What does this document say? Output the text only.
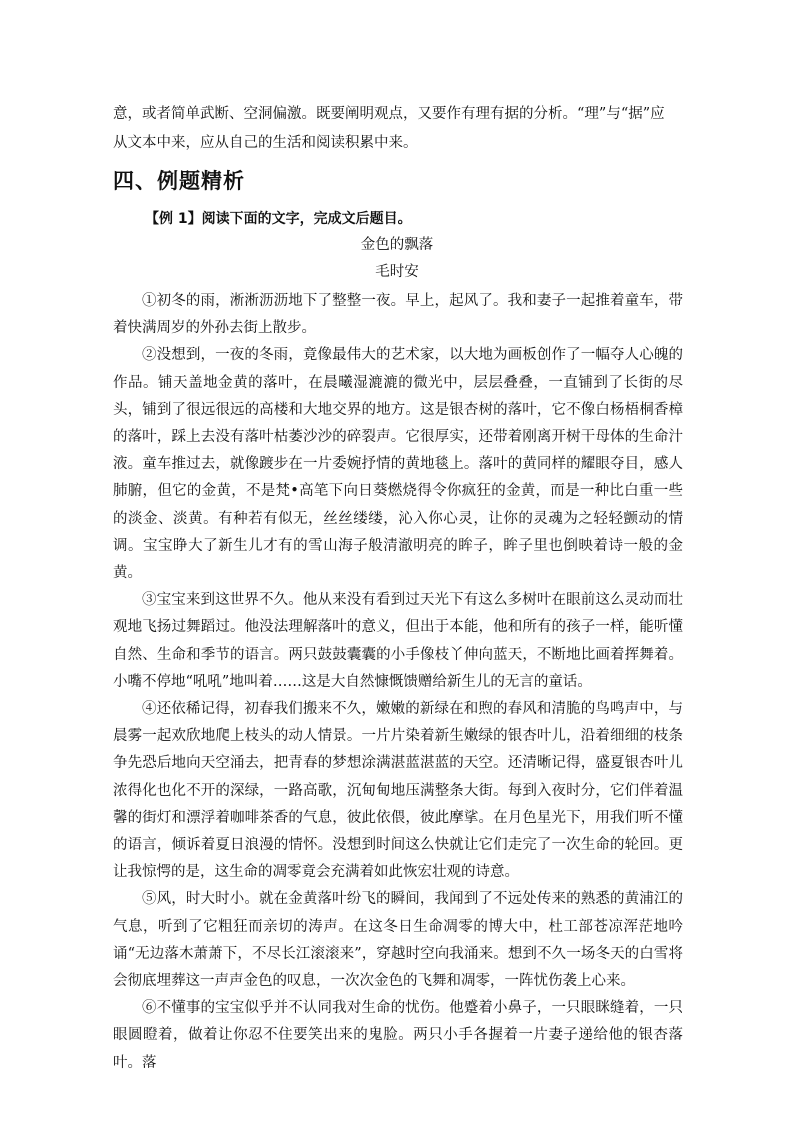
意，或者简单武断、空洞偏激。既要阐明观点，又要作有理有据的分析。“理”与“据”应
从文本中来，应从自己的生活和阅读积累中来。
四、例题精析
【例 1】阅读下面的文字，完成文后题目。
金色的飘落
毛时安

①初冬的雨，淅淅沥沥地下了整整一夜。早上，起风了。我和妻子一起推着童车，带着快满周岁的外孙去街上散步。

②没想到，一夜的冬雨，竟像最伟大的艺术家，以大地为画板创作了一幅夺人心魄的作品。铺天盖地金黄的落叶，在晨曦湿漉漉的微光中，层层叠叠，一直铺到了长街的尽头，铺到了很远很远的高楼和大地交界的地方。这是银杏树的落叶，它不像白杨梧桐香樟的落叶，踩上去没有落叶枯萎沙沙的碎裂声。它很厚实，还带着刚离开树干母体的生命汁液。童车推过去，就像踱步在一片委婉抒情的黄地毯上。落叶的黄同样的耀眼夺目，感人肺腑，但它的金黄，不是梵•高笔下向日葵燃烧得令你疯狂的金黄，而是一种比白重一些的淡金、淡黄。有种若有似无，丝丝缕缕，沁入你心灵，让你的灵魂为之轻轻颤动的情调。宝宝睁大了新生儿才有的雪山海子般清澈明亮的眸子，眸子里也倒映着诗一般的金黄。

③宝宝来到这世界不久。他从来没有看到过天光下有这么多树叶在眼前这么灵动而壮观地飞扬过舞蹈过。他没法理解落叶的意义，但出于本能，他和所有的孩子一样，能听懂自然、生命和季节的语言。两只鼓鼓囊囊的小手像枝丫伸向蓝天，不断地比画着挥舞着。小嘴不停地“吼吼”地叫着……这是大自然慷慨馈赠给新生儿的无言的童话。

④还依稀记得，初春我们搬来不久，嫩嫩的新绿在和煦的春风和清脆的鸟鸣声中，与晨雾一起欢欣地爬上枝头的动人情景。一片片染着新生嫩绿的银杏叶儿，沿着细细的枝条争先恐后地向天空涌去，把青春的梦想涂满湛蓝湛蓝的天空。还清晰记得，盛夏银杏叶儿浓得化也化不开的深绿，一路高歌，沉甸甸地压满整条大街。每到入夜时分，它们伴着温馨的街灯和漂浮着咖啡茶香的气息，彼此依偎，彼此摩挲。在月色星光下，用我们听不懂的语言，倾诉着夏日浪漫的情怀。没想到时间这么快就让它们走完了一次生命的轮回。更让我惊愕的是，这生命的凋零竟会充满着如此恢宏壮观的诗意。

⑤风，时大时小。就在金黄落叶纷飞的瞬间，我闻到了不远处传来的熟悉的黄浦江的气息，听到了它粗狂而亲切的涛声。在这冬日生命凋零的博大中，杜工部苍凉浑茫地吟诵“无边落木萧萧下，不尽长江滚滚来”，穿越时空向我涌来。想到不久一场冬天的白雪将会彻底埋葬这一声声金色的叹息，一次次金色的飞舞和凋零，一阵忧伤袭上心来。

⑥不懂事的宝宝似乎并不认同我对生命的忧伤。他蹙着小鼻子，一只眼眯缝着，一只眼圆瞪着，做着让你忍不住要笑出来的鬼脸。两只小手各握着一片妻子递给他的银杏落叶。落
